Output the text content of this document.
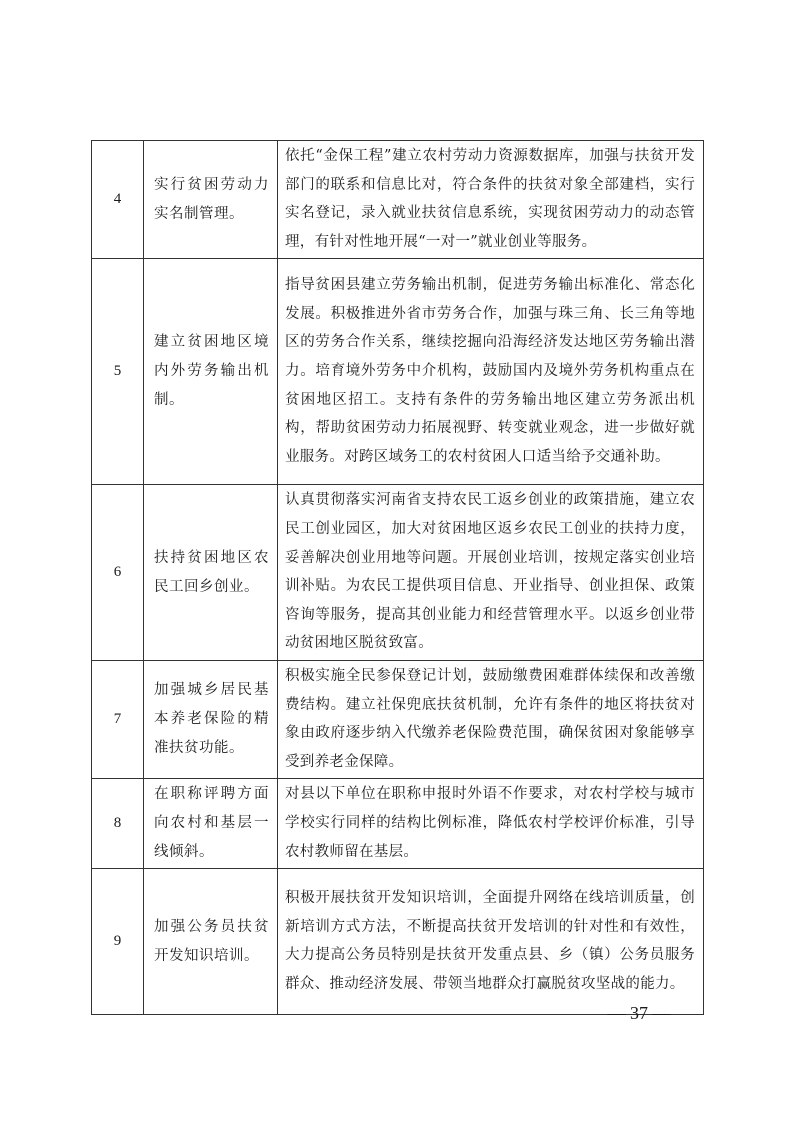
4	实行贫困劳动力实名制管理。	依托“金保工程”建立农村劳动力资源数据库，加强与扶贫开发部门的联系和信息比对，符合条件的扶贫对象全部建档，实行实名登记，录入就业扶贫信息系统，实现贫困劳动力的动态管理，有针对性地开展“一对一”就业创业等服务。
5	建立贫困地区境内外劳务输出机制。	指导贫困县建立劳务输出机制，促进劳务输出标准化、常态化发展。积极推进外省市劳务合作，加强与珠三角、长三角等地区的劳务合作关系，继续挖掘向沿海经济发达地区劳务输出潜力。培育境外劳务中介机构，鼓励国内及境外劳务机构重点在贫困地区招工。支持有条件的劳务输出地区建立劳务派出机构，帮助贫困劳动力拓展视野、转变就业观念，进一步做好就业服务。对跨区域务工的农村贫困人口适当给予交通补助。
6	扶持贫困地区农民工回乡创业。	认真贯彻落实河南省支持农民工返乡创业的政策措施，建立农民工创业园区，加大对贫困地区返乡农民工创业的扶持力度，妥善解决创业用地等问题。开展创业培训，按规定落实创业培训补贴。为农民工提供项目信息、开业指导、创业担保、政策咨询等服务，提高其创业能力和经营管理水平。以返乡创业带动贫困地区脱贫致富。
7	加强城乡居民基本养老保险的精准扶贫功能。	积极实施全民参保登记计划，鼓励缴费困难群体续保和改善缴费结构。建立社保兜底扶贫机制，允许有条件的地区将扶贫对象由政府逐步纳入代缴养老保险费范围，确保贫困对象能够享受到养老金保障。
8	在职称评聘方面向农村和基层一线倾斜。	对县以下单位在职称申报时外语不作要求，对农村学校与城市学校实行同样的结构比例标准，降低农村学校评价标准，引导农村教师留在基层。
9	加强公务员扶贫开发知识培训。	积极开展扶贫开发知识培训，全面提升网络在线培训质量，创新培训方式方法，不断提高扶贫开发培训的针对性和有效性，大力提高公务员特别是扶贫开发重点县、乡（镇）公务员服务群众、推动经济发展、带领当地群众打赢脱贫攻坚战的能力。
— 37 —
